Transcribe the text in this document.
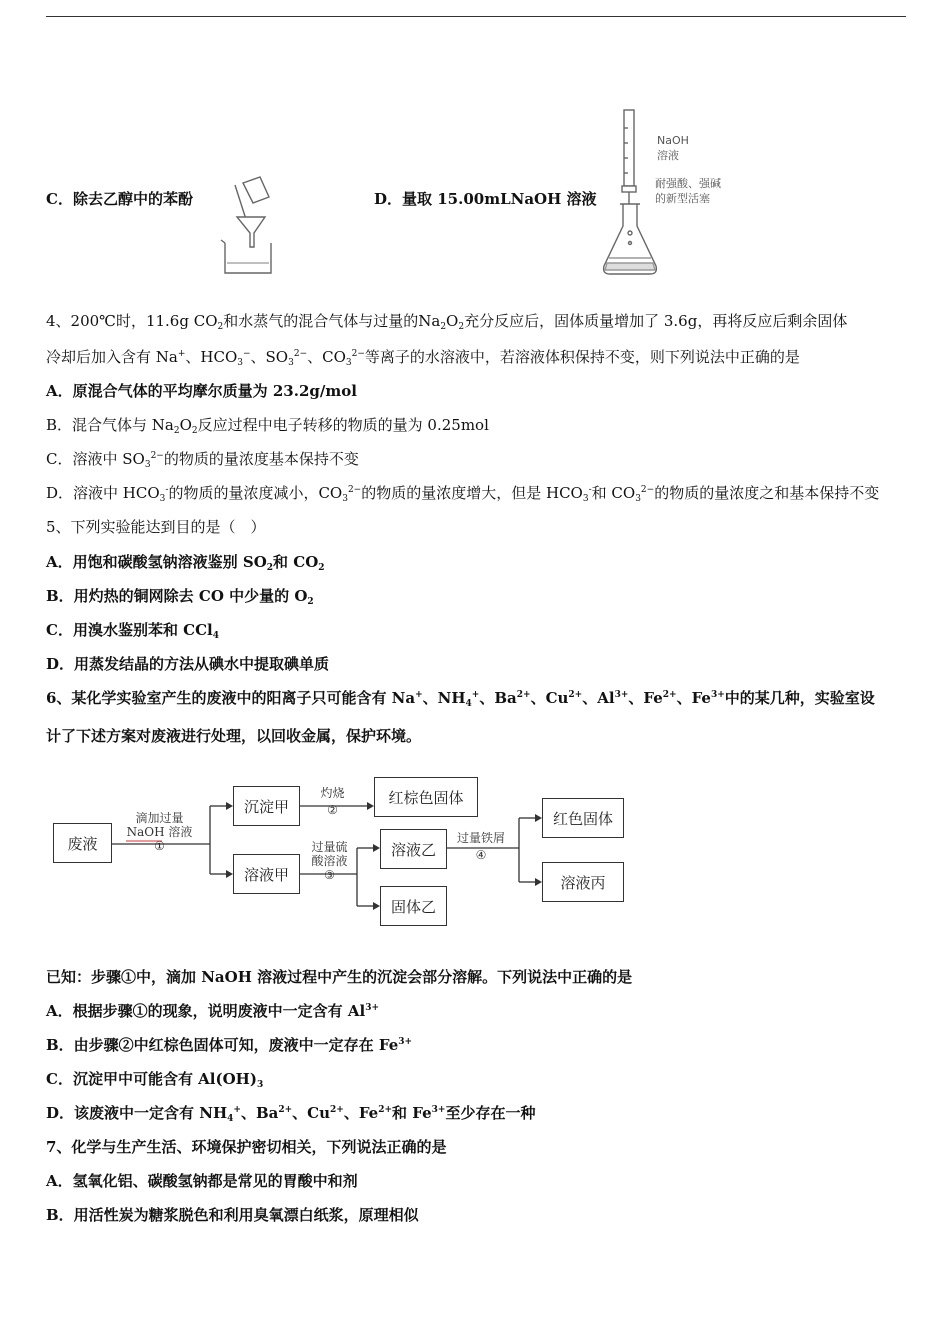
C．除去乙醇中的苯酚	D．量取 15.00mLNaOH 溶液
NaOH
溶液
耐强酸、强碱
的新型活塞
4、200℃时，11.6g $CO_2$和水蒸气的混合气体与过量的$Na_2O_2$充分反应后，固体质量增加了 3.6g，再将反应后剩余固体
冷却后加入含有 Na+、$HCO_3^-$、$SO_3^{2-}$、$CO_3^{2-}$等离子的水溶液中，若溶液体积保持不变，则下列说法中正确的是
A．原混合气体的平均摩尔质量为 23.2g/mol
B．混合气体与 $Na_2O_2$反应过程中电子转移的物质的量为 0.25mol
C．溶液中 $SO_3^{2-}$的物质的量浓度基本保持不变
D．溶液中 $HCO_3^-$的物质的量浓度减小，$CO_3^{2-}$的物质的量浓度增大，但是 $HCO_3^-$和 $CO_3^{2-}$的物质的量浓度之和基本保持不变
5、下列实验能达到目的是（　）
A．用饱和碳酸氢钠溶液鉴别 $SO_2$和 $CO_2$
B．用灼热的铜网除去 CO 中少量的 $O_2$
C．用溴水鉴别苯和 CCl$_4$
D．用蒸发结晶的方法从碘水中提取碘单质
6、某化学实验室产生的废液中的阳离子只可能含有 Na+、$NH_4^+$、$Ba^{2+}$、$Cu^{2+}$、$Al^{3+}$、$Fe^{2+}$、$Fe^{3+}$中的某几种，实验室设
计了下述方案对废液进行处理，以回收金属，保护环境。
废液
滴加过量
NaOH 溶液
①
沉淀甲
灼烧
②
红棕色固体
溶液甲
过量硫
酸溶液
③
溶液乙
固体乙
过量铁屑
④
红色固体
溶液丙
已知：步骤①中，滴加 NaOH 溶液过程中产生的沉淀会部分溶解。下列说法中正确的是
A．根据步骤①的现象，说明废液中一定含有 $Al^{3+}$
B．由步骤②中红棕色固体可知，废液中一定存在 $Fe^{3+}$
C．沉淀甲中可能含有 $Al(OH)_3$
D．该废液中一定含有 $NH_4^+$、$Ba^{2+}$、$Cu^{2+}$、$Fe^{2+}$和 $Fe^{3+}$至少存在一种
7、化学与生产生活、环境保护密切相关，下列说法正确的是
A．氢氧化铝、碳酸氢钠都是常见的胃酸中和剂
B．用活性炭为糖浆脱色和利用臭氧漂白纸浆，原理相似
